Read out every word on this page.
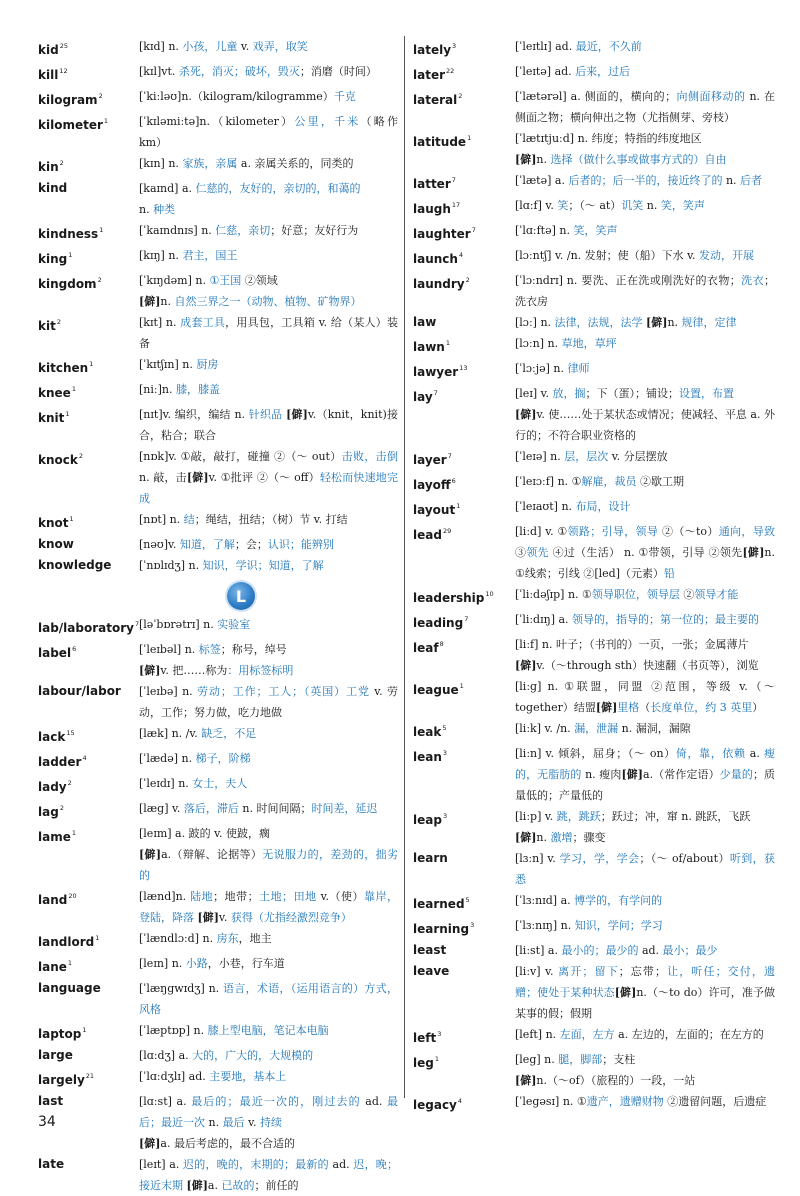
kid$^{25}$	[kɪd] n. 小孩，儿童 v. 戏弄，取笑
kill$^{12}$	[kɪl]vt. 杀死，消灭；破坏，毁灭；消磨（时间）
kilogram$^2$	[ˈkiːləʊ]n.（kilogram/kilogramme）千克
kilometer$^1$	[ˈkɪləmiːtə]n.（kilometer）公里，千米（略作 km）
kin$^2$	[kɪn] n. 家族，亲属 a. 亲属关系的，同类的
kind	[kaɪnd] a. 仁慈的，友好的，亲切的，和蔼的
n. 种类
kindness$^1$	[ˈkaɪndnɪs] n. 仁慈，亲切；好意；友好行为
king$^1$	[kɪŋ] n. 君主，国王
kingdom$^2$	[ˈkɪŋdəm] n. ①王国 ②领域
[僻]n. 自然三界之一（动物、植物、矿物界）
kit$^2$	[kɪt] n. 成套工具，用具包，工具箱 v. 给（某人）装备
kitchen$^1$	[ˈkɪtʃɪn] n. 厨房
knee$^1$	[niː]n. 膝，膝盖
knit$^1$	[nɪt]v. 编织，编结 n. 针织品 [僻]v.（knit，knit)接合，粘合；联合
knock$^2$	[nɒk]v. ①敲，敲打，碰撞 ②（～ out）击败，击倒 n. 敲，击[僻]v. ①批评 ②（～ off）轻松而快速地完成
knot$^1$	[nɒt] n. 结；绳结，扭结；（树）节 v. 打结
know	[nəʊ]v. 知道，了解；会；认识；能辨别
knowledge	[ˈnɒlɪdʒ] n. 知识，学识；知道，了解
L
lab/laboratory$^7$ [ləˈbɒrətrɪ] n. 实验室
label$^6$	[ˈleɪbəl] n. 标签；称号，绰号
[僻]v. 把……称为：用标签标明
labour/labor	[ˈleɪbə] n. 劳动；工作；工人；（英国）工党 v. 劳动，工作；努力做，吃力地做
lack$^{15}$	[læk] n. /v. 缺乏，不足
ladder$^4$	[ˈlædə] n. 梯子，阶梯
lady$^2$	[ˈleɪdɪ] n. 女士，夫人
lag$^2$	[læg] v. 落后，滞后 n. 时间间隔；时间差，延迟
lame$^1$	[leɪm] a. 跛的 v. 使跛，瘸
[僻]a.（辩解、论据等）无说服力的，差劲的，拙劣的
land$^{20}$	[lænd]n. 陆地；地带；土地；田地 v.（使）靠岸，登陆，降落 [僻]v. 获得（尤指经激烈竞争）
landlord$^1$	[ˈlændlɔːd] n. 房东，地主
lane$^1$	[leɪn] n. 小路，小巷，行车道
language	[ˈlæŋgwɪdʒ] n. 语言，术语，（运用语言的）方式，风格
laptop$^1$	[ˈlæptɒp] n. 膝上型电脑，笔记本电脑
large	[lɑːdʒ] a. 大的，广大的，大规模的
largely$^{21}$	[ˈlɑːdʒlɪ] ad. 主要地，基本上
last	[lɑːst] a. 最后的；最近一次的，刚过去的 ad. 最后；最近一次 n. 最后 v. 持续
[僻]a. 最后考虑的，最不合适的
late	[leɪt] a. 迟的，晚的，末期的；最新的 ad. 迟，晚；接近末期 [僻]a. 已故的；前任的
lately$^3$	[ˈleɪtlɪ] ad. 最近，不久前
later$^{22}$	[ˈleɪtə] ad. 后来，过后
lateral$^2$	[ˈlætərəl] a. 侧面的，横向的；向侧面移动的 n. 在侧面之物；横向伸出之物（尤指侧芽、旁枝）
latitude$^1$	[ˈlætɪtjuːd] n. 纬度；特指的纬度地区
[僻]n. 选择（做什么事或做事方式的）自由
latter$^7$	[ˈlætə] a. 后者的；后一半的，接近终了的 n. 后者
laugh$^{17}$	[lɑːf] v. 笑；（～ at）讥笑 n. 笑，笑声
laughter$^7$	[ˈlɑːftə] n. 笑，笑声
launch$^4$	[lɔːntʃ] v. /n. 发射；使（船）下水 v. 发动，开展
laundry$^2$	[ˈlɔːndrɪ] n. 要洗、正在洗或刚洗好的衣物；洗衣；洗衣房
law	[lɔː] n. 法律，法规，法学 [僻]n. 规律，定律
lawn$^1$	[lɔːn] n. 草地，草坪
lawyer$^{13}$	[ˈlɔːjə] n. 律师
lay$^7$	[leɪ] v. 放，搁；下（蛋）；铺设；设置，布置
[僻]v. 使……处于某状态或情况；使减轻、平息 a. 外行的；不符合职业资格的
layer$^7$	[ˈleɪə] n. 层，层次 v. 分层摆放
layoff$^6$	[ˈleɪɔːf] n. ①解雇，裁员 ②歇工期
layout$^1$	[ˈleɪaʊt] n. 布局，设计
lead$^{29}$	[liːd] v. ①领路；引导，领导 ②（～to）通向，导致 ③领先 ④过（生活） n. ①带领，引导 ②领先[僻]n. ①线索；引线 ②[led]（元素）铅
leadership$^{10}$	[ˈliːdəʃɪp] n. ①领导职位，领导层 ②领导才能
leading$^7$	[ˈliːdɪŋ] a. 领导的，指导的；第一位的；最主要的
leaf$^8$	[liːf] n. 叶子；（书刊的）一页，一张；金属薄片
[僻]v.（～through sth）快速翻（书页等），浏览
league$^1$	[liːg] n. ①联盟，同盟 ②范围，等级 v.（～together）结盟[僻]里格（长度单位，约 3 英里）
leak$^5$	[liːk] v. /n. 漏，泄漏 n. 漏洞，漏隙
lean$^3$	[liːn] v. 倾斜，屈身；（～ on）倚，靠，依赖 a. 瘦的，无脂肪的 n. 瘦肉[僻]a.（常作定语）少量的；质量低的；产量低的
leap$^3$	[liːp] v. 跳，跳跃；跃过；冲，窜 n. 跳跃，飞跃
[僻]n. 激增；骤变
learn	[lɜːn] v. 学习，学，学会；（～ of/about）听到，获悉
learned$^5$	[ˈlɜːnɪd] a. 博学的，有学问的
learning$^3$	[ˈlɜːnɪŋ] n. 知识，学问；学习
least	[liːst] a. 最小的；最少的 ad. 最小；最少
leave	[liːv] v. 离开；留下；忘带；让，听任；交付，遗赠；使处于某种状态[僻]n.（～to do）许可，准予做某事的假；假期
left$^3$	[left] n. 左面，左方 a. 左边的，左面的；在左方的
leg$^1$	[leg] n. 腿，脚部；支柱
[僻]n.（～of）（旅程的）一段，一站
legacy$^4$	[ˈlegəsɪ] n. ①遗产，遗赠财物 ②遗留问题，后遗症
34
